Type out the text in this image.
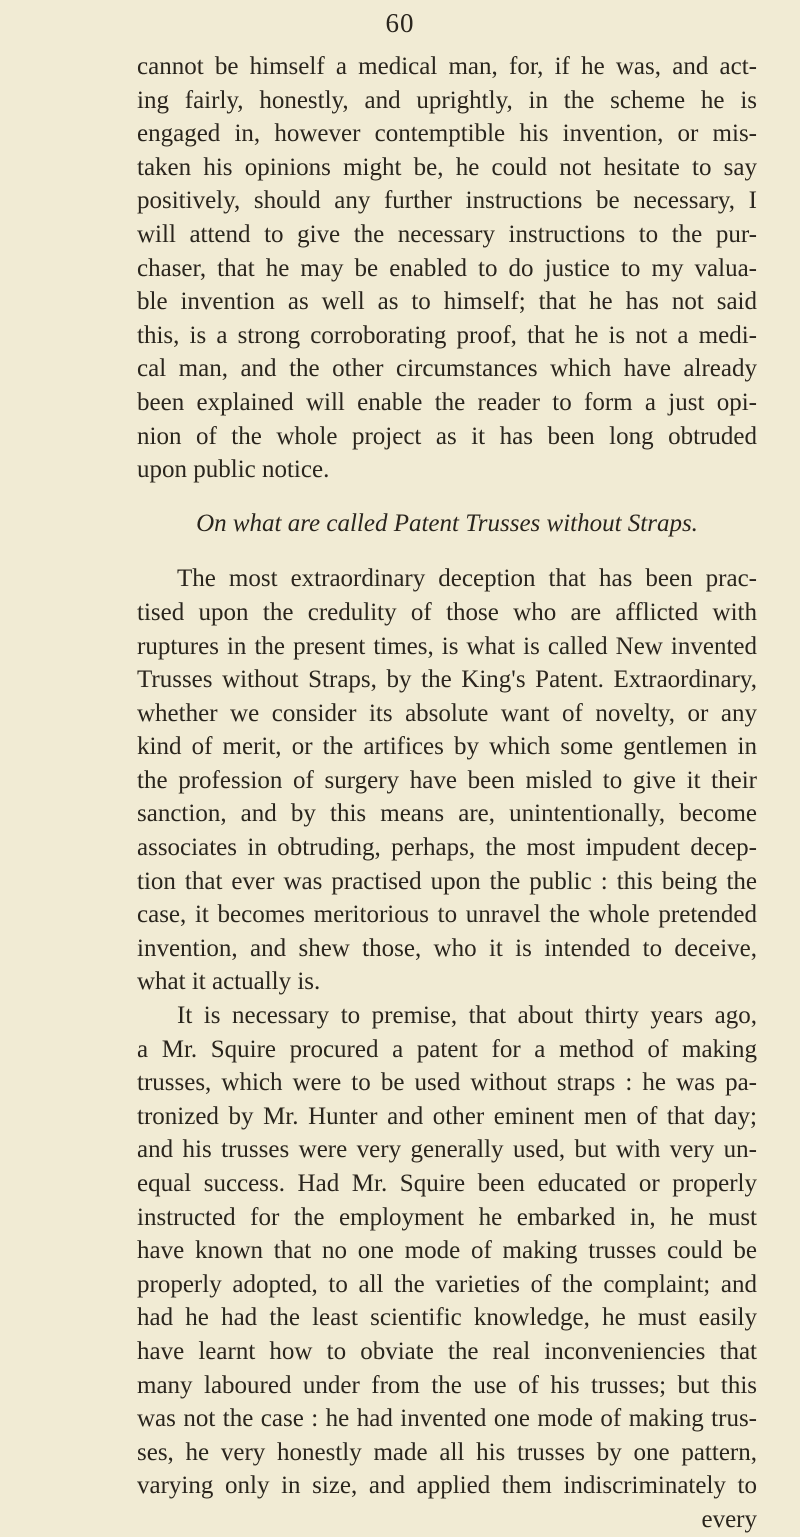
60
cannot be himself a medical man, for, if he was, and act-
ing fairly, honestly, and uprightly, in the scheme he is
engaged in, however contemptible his invention, or mis-
taken his opinions might be, he could not hesitate to say
positively, should any further instructions be necessary, I
will attend to give the necessary instructions to the pur-
chaser, that he may be enabled to do justice to my valua-
ble invention as well as to himself; that he has not said
this, is a strong corroborating proof, that he is not a medi-
cal man, and the other circumstances which have already
been explained will enable the reader to form a just opi-
nion of the whole project as it has been long obtruded
upon public notice.
On what are called Patent Trusses without Straps.
The most extraordinary deception that has been prac-
tised upon the credulity of those who are afflicted with
ruptures in the present times, is what is called New invented
Trusses without Straps, by the King's Patent. Extraordinary,
whether we consider its absolute want of novelty, or any
kind of merit, or the artifices by which some gentlemen in
the profession of surgery have been misled to give it their
sanction, and by this means are, unintentionally, become
associates in obtruding, perhaps, the most impudent decep-
tion that ever was practised upon the public : this being the
case, it becomes meritorious to unravel the whole pretended
invention, and shew those, who it is intended to deceive,
what it actually is.
It is necessary to premise, that about thirty years ago,
a Mr. Squire procured a patent for a method of making
trusses, which were to be used without straps : he was pa-
tronized by Mr. Hunter and other eminent men of that day;
and his trusses were very generally used, but with very un-
equal success. Had Mr. Squire been educated or properly
instructed for the employment he embarked in, he must
have known that no one mode of making trusses could be
properly adopted, to all the varieties of the complaint; and
had he had the least scientific knowledge, he must easily
have learnt how to obviate the real inconveniencies that
many laboured under from the use of his trusses; but this
was not the case : he had invented one mode of making trus-
ses, he very honestly made all his trusses by one pattern,
varying only in size, and applied them indiscriminately to
every
